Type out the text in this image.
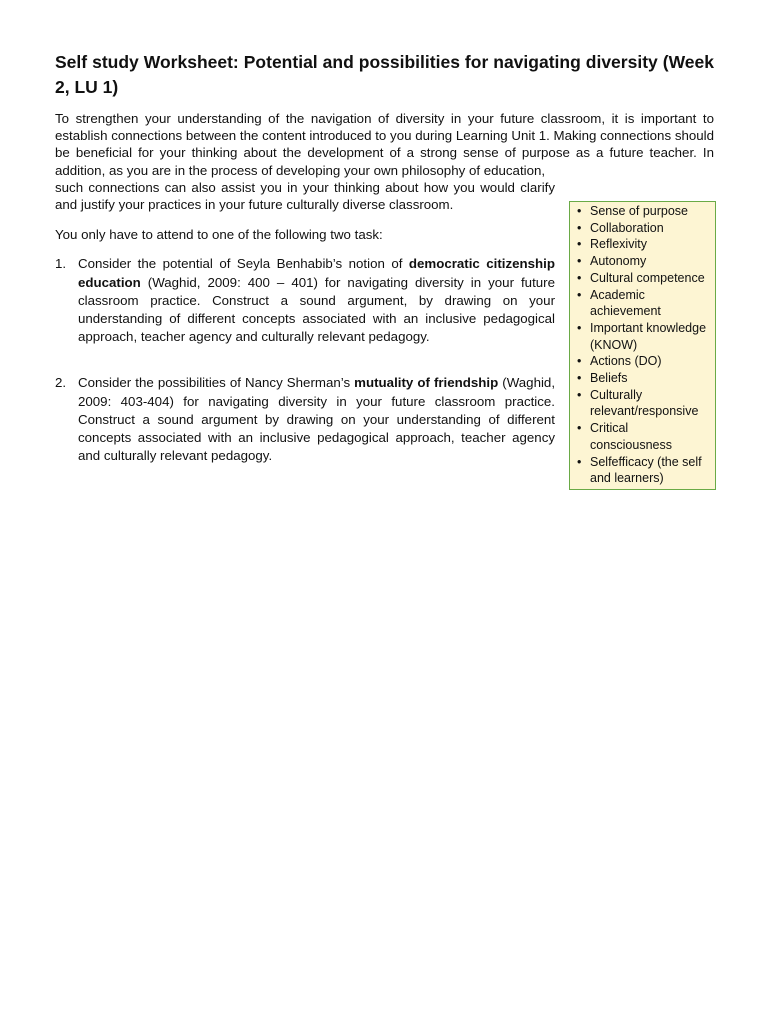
Self study Worksheet: Potential and possibilities for navigating diversity (Week 2, LU 1)

To strengthen your understanding of the navigation of diversity in your future classroom, it is important to establish connections between the content introduced to you during Learning Unit 1. Making connections should be beneficial for your thinking about the development of a strong sense of purpose as a future teacher. In addition, as you are in the process of developing your own philosophy of education,

such connections can also assist you in your thinking about how you would clarify and justify your practices in your future culturally diverse classroom.

You only have to attend to one of the following two task:

1. Consider the potential of Seyla Benhabib’s notion of democratic citizenship education (Waghid, 2009: 400 – 401) for navigating diversity in your future classroom practice. Construct a sound argument, by drawing on your understanding of different concepts associated with an inclusive pedagogical approach, teacher agency and culturally relevant pedagogy.
2. Consider the possibilities of Nancy Sherman’s mutuality of friendship (Waghid, 2009: 403-404) for navigating diversity in your future classroom practice. Construct a sound argument by drawing on your understanding of different concepts associated with an inclusive pedagogical approach, teacher agency and culturally relevant pedagogy.
• Sense of purpose
• Collaboration
• Reflexivity
• Autonomy
• Cultural competence
• Academic achievement
• Important knowledge (KNOW)
• Actions (DO)
• Beliefs
• Culturally relevant/responsive
• Critical consciousness
• Selfefficacy (the self and learners)
